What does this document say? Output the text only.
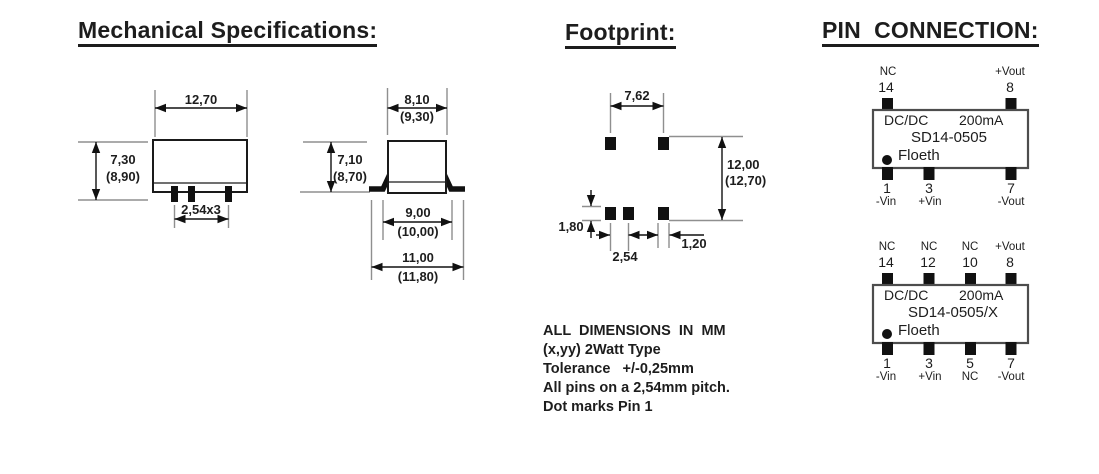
Mechanical Specifications:	Footprint:	PIN  CONNECTION:
12,70
7,30
(8,90)
2,54x3
8,10
(9,30)
7,10
(8,70)
9,00
(10,00)
11,00
(11,80)
7,62
12,00
(12,70)
1,80
2,54
1,20
ALL  DIMENSIONS  IN  MM
(x,yy) 2Watt Type
Tolerance   +/-0,25mm
All pins on a 2,54mm pitch.
Dot marks Pin 1
NC	+Vout
14	8
DC/DC 200mA
SD14-0505
Floeth
1 3	7
-Vin +Vin	-Vout
NC NC NC +Vout
14 12 10 8
DC/DC 200mA
SD14-0505/X
Floeth
1 3 5 7
-Vin +Vin NC -Vout
